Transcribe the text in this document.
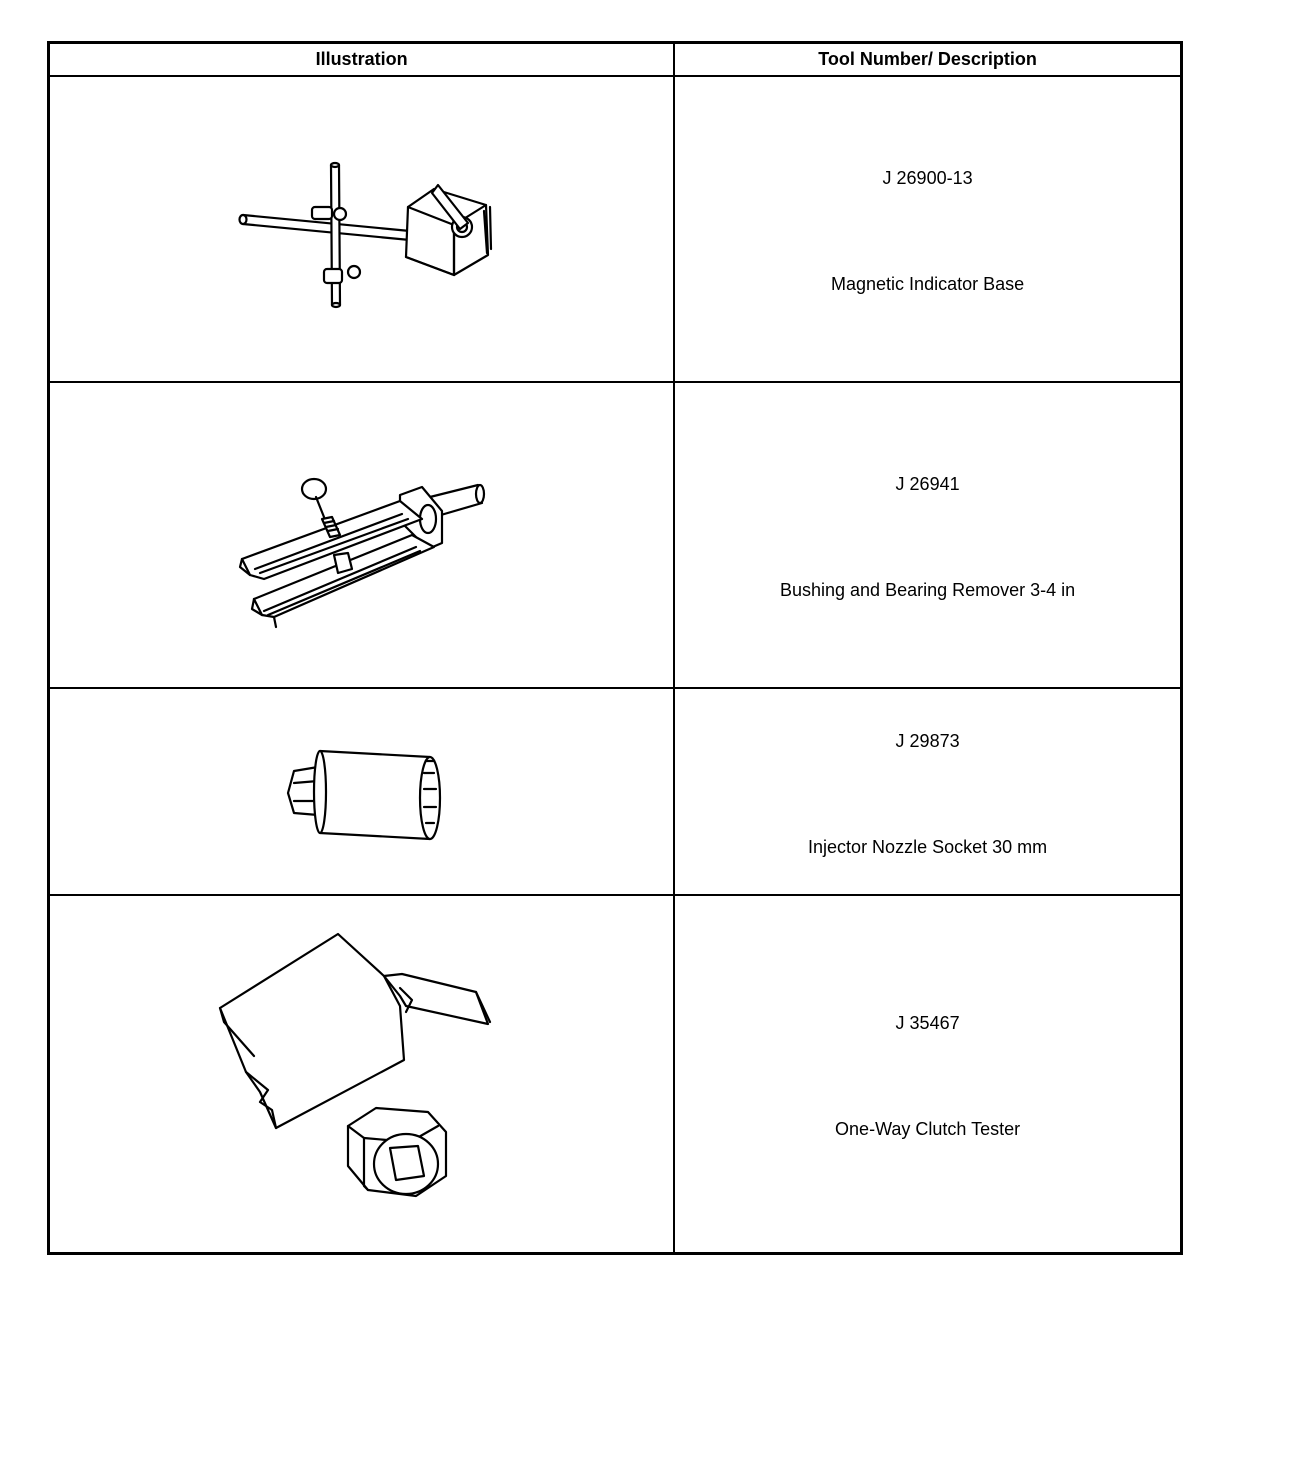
Illustration	Tool Number/ Description

J 26900-13
Magnetic Indicator Base

J 26941
Bushing and Bearing Remover 3-4 in

J 29873
Injector Nozzle Socket 30 mm

J 35467
One-Way Clutch Tester
